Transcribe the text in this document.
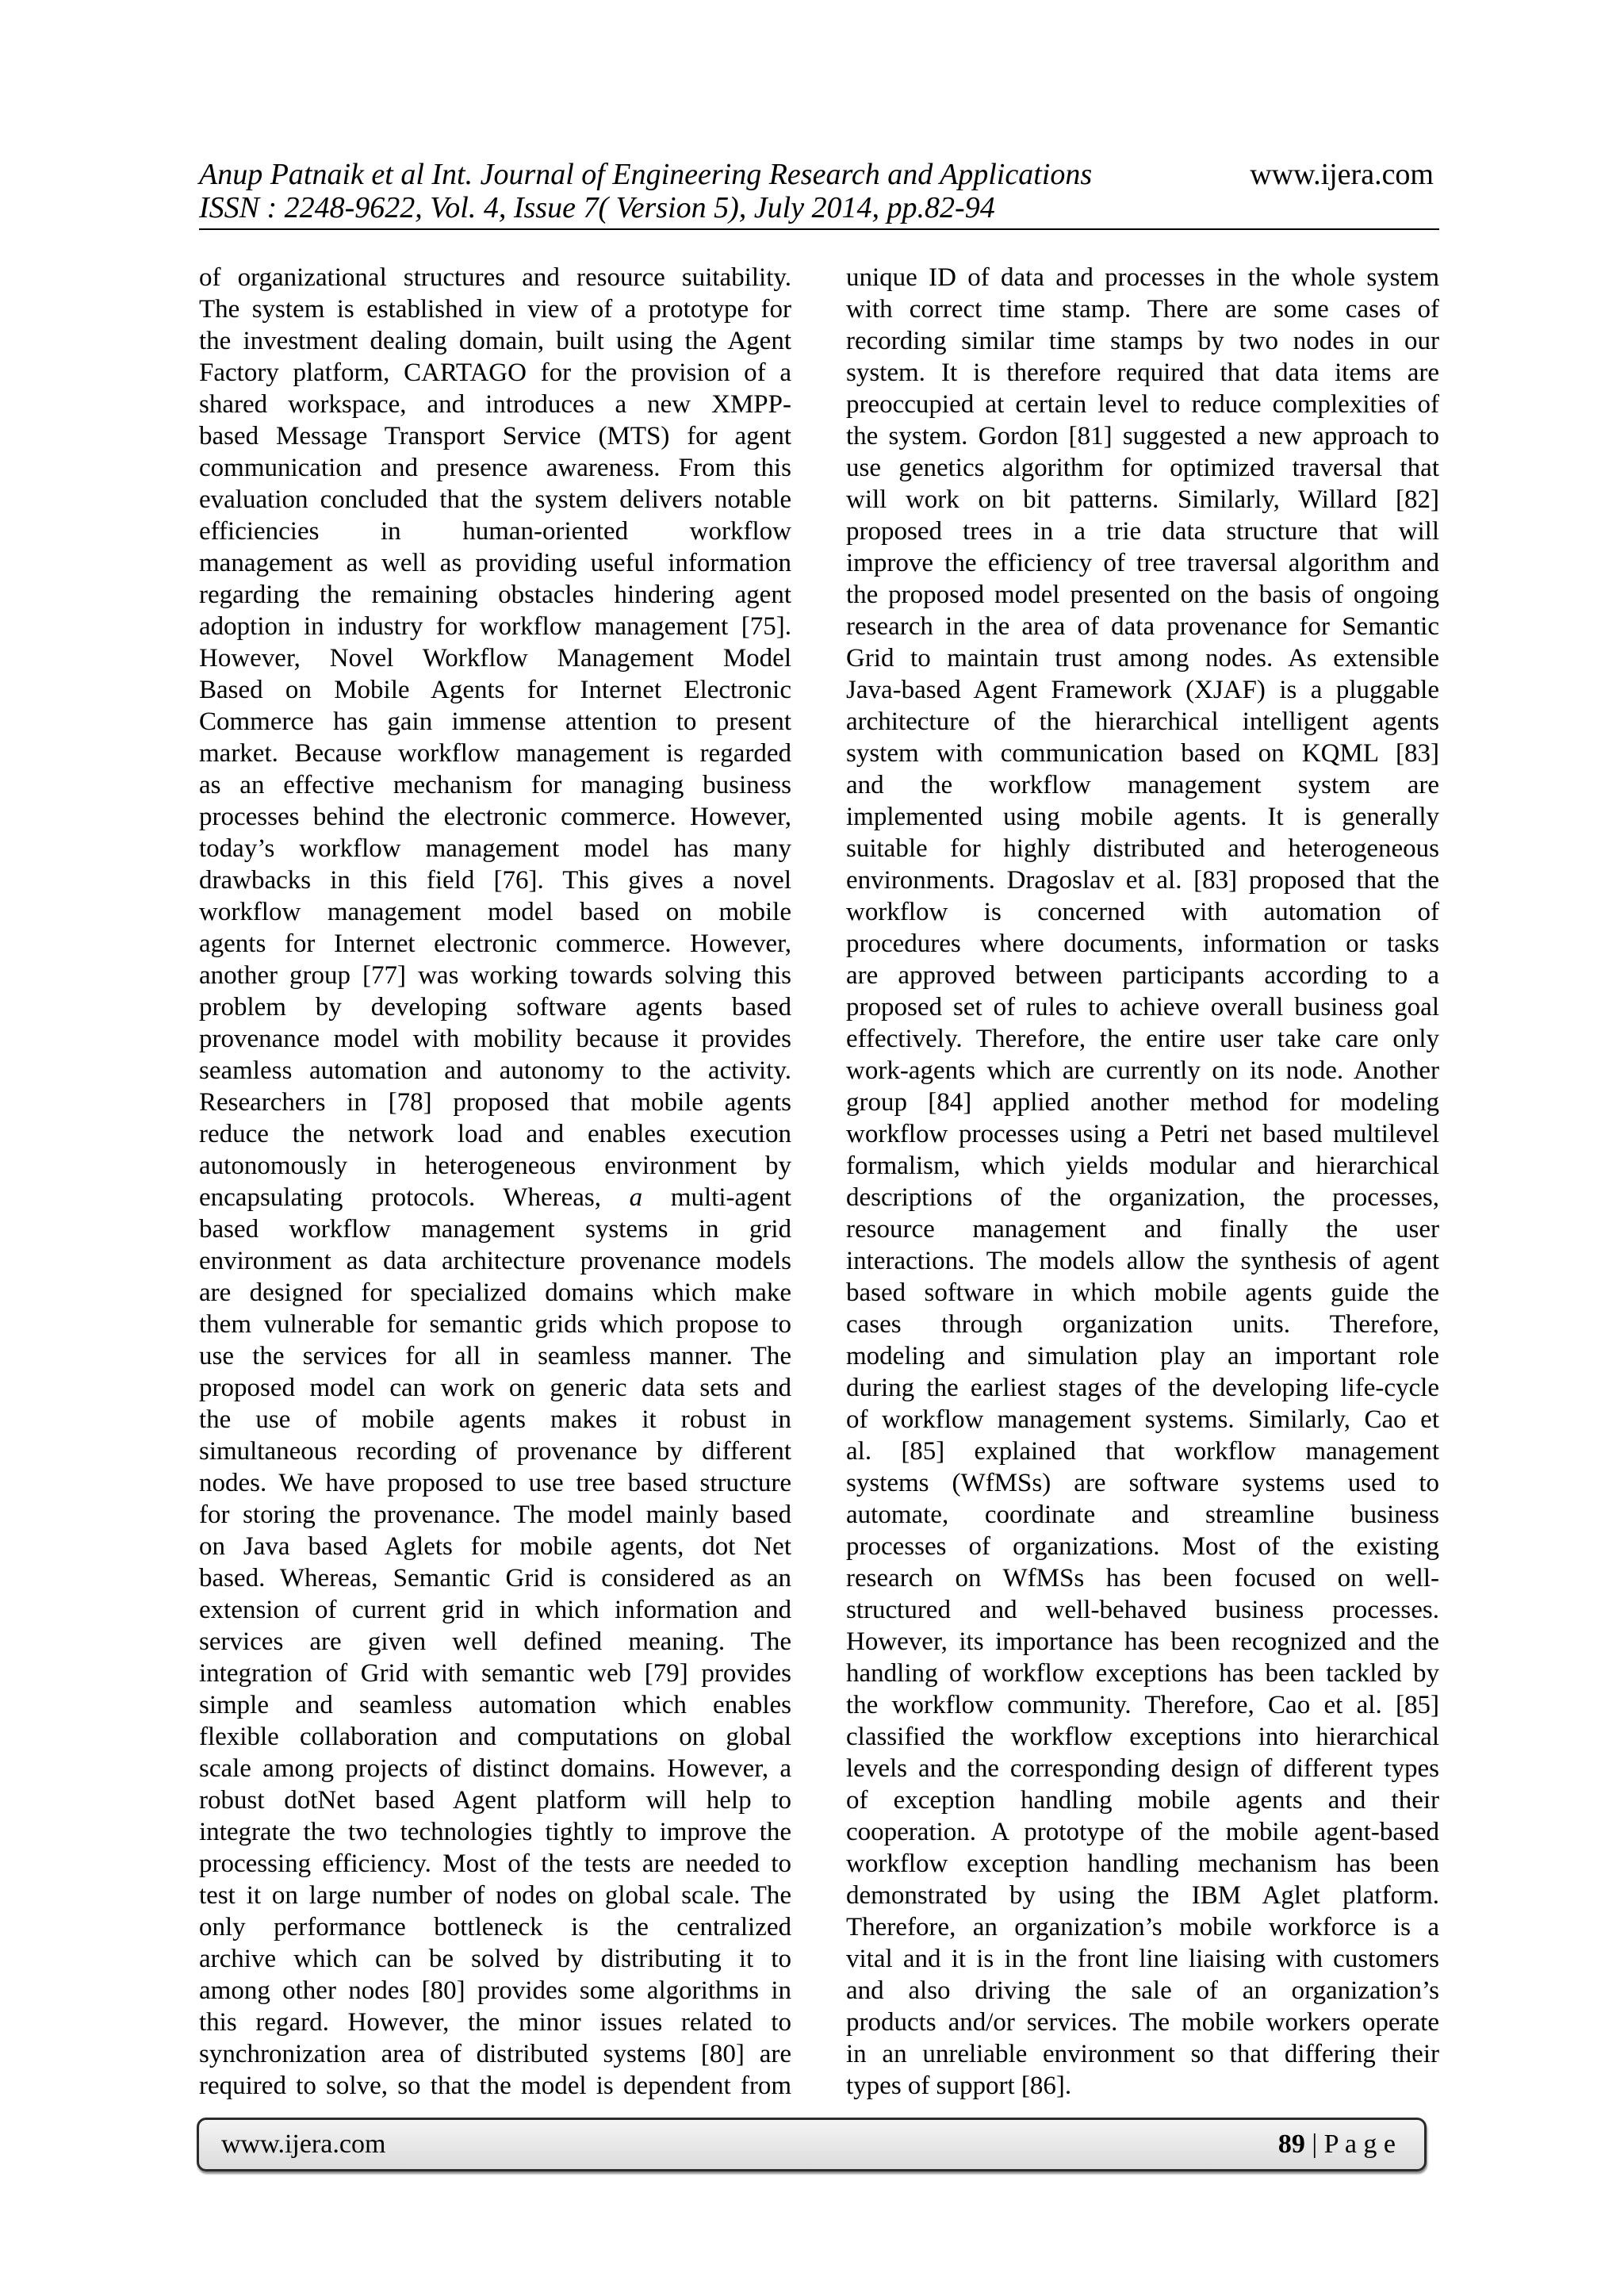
Anup Patnaik et al Int. Journal of Engineering Research and Applications	www.ijera.com
ISSN : 2248-9622, Vol. 4, Issue 7( Version 5), July 2014, pp.82-94
of organizational structures and resource suitability.
The system is established in view of a prototype for
the investment dealing domain, built using the Agent
Factory platform, CARTAGO for the provision of a
shared workspace, and introduces a new XMPP-
based Message Transport Service (MTS) for agent
communication and presence awareness. From this
evaluation concluded that the system delivers notable
efficiencies in human-oriented workflow
management as well as providing useful information
regarding the remaining obstacles hindering agent
adoption in industry for workflow management [75].
However, Novel Workflow Management Model
Based on Mobile Agents for Internet Electronic
Commerce has gain immense attention to present
market. Because workflow management is regarded
as an effective mechanism for managing business
processes behind the electronic commerce. However,
today’s workflow management model has many
drawbacks in this field [76]. This gives a novel
workflow management model based on mobile
agents for Internet electronic commerce. However,
another group [77] was working towards solving this
problem by developing software agents based
provenance model with mobility because it provides
seamless automation and autonomy to the activity.
Researchers in [78] proposed that mobile agents
reduce the network load and enables execution
autonomously in heterogeneous environment by
encapsulating protocols. Whereas, a multi-agent
based workflow management systems in grid
environment as data architecture provenance models
are designed for specialized domains which make
them vulnerable for semantic grids which propose to
use the services for all in seamless manner. The
proposed model can work on generic data sets and
the use of mobile agents makes it robust in
simultaneous recording of provenance by different
nodes. We have proposed to use tree based structure
for storing the provenance. The model mainly based
on Java based Aglets for mobile agents, dot Net
based. Whereas, Semantic Grid is considered as an
extension of current grid in which information and
services are given well defined meaning. The
integration of Grid with semantic web [79] provides
simple and seamless automation which enables
flexible collaboration and computations on global
scale among projects of distinct domains. However, a
robust dotNet based Agent platform will help to
integrate the two technologies tightly to improve the
processing efficiency. Most of the tests are needed to
test it on large number of nodes on global scale. The
only performance bottleneck is the centralized
archive which can be solved by distributing it to
among other nodes [80] provides some algorithms in
this regard. However, the minor issues related to
synchronization area of distributed systems [80] are
required to solve, so that the model is dependent from
unique ID of data and processes in the whole system
with correct time stamp. There are some cases of
recording similar time stamps by two nodes in our
system. It is therefore required that data items are
preoccupied at certain level to reduce complexities of
the system. Gordon [81] suggested a new approach to
use genetics algorithm for optimized traversal that
will work on bit patterns. Similarly, Willard [82]
proposed trees in a trie data structure that will
improve the efficiency of tree traversal algorithm and
the proposed model presented on the basis of ongoing
research in the area of data provenance for Semantic
Grid to maintain trust among nodes. As extensible
Java-based Agent Framework (XJAF) is a pluggable
architecture of the hierarchical intelligent agents
system with communication based on KQML [83]
and the workflow management system are
implemented using mobile agents. It is generally
suitable for highly distributed and heterogeneous
environments. Dragoslav et al. [83] proposed that the
workflow is concerned with automation of
procedures where documents, information or tasks
are approved between participants according to a
proposed set of rules to achieve overall business goal
effectively. Therefore, the entire user take care only
work-agents which are currently on its node. Another
group [84] applied another method for modeling
workflow processes using a Petri net based multilevel
formalism, which yields modular and hierarchical
descriptions of the organization, the processes,
resource management and finally the user
interactions. The models allow the synthesis of agent
based software in which mobile agents guide the
cases through organization units. Therefore,
modeling and simulation play an important role
during the earliest stages of the developing life-cycle
of workflow management systems. Similarly, Cao et
al. [85] explained that workflow management
systems (WfMSs) are software systems used to
automate, coordinate and streamline business
processes of organizations. Most of the existing
research on WfMSs has been focused on well-
structured and well-behaved business processes.
However, its importance has been recognized and the
handling of workflow exceptions has been tackled by
the workflow community. Therefore, Cao et al. [85]
classified the workflow exceptions into hierarchical
levels and the corresponding design of different types
of exception handling mobile agents and their
cooperation. A prototype of the mobile agent-based
workflow exception handling mechanism has been
demonstrated by using the IBM Aglet platform.
Therefore, an organization’s mobile workforce is a
vital and it is in the front line liaising with customers
and also driving the sale of an organization’s
products and/or services. The mobile workers operate
in an unreliable environment so that differing their
types of support [86].
www.ijera.com	89 | P a g e
